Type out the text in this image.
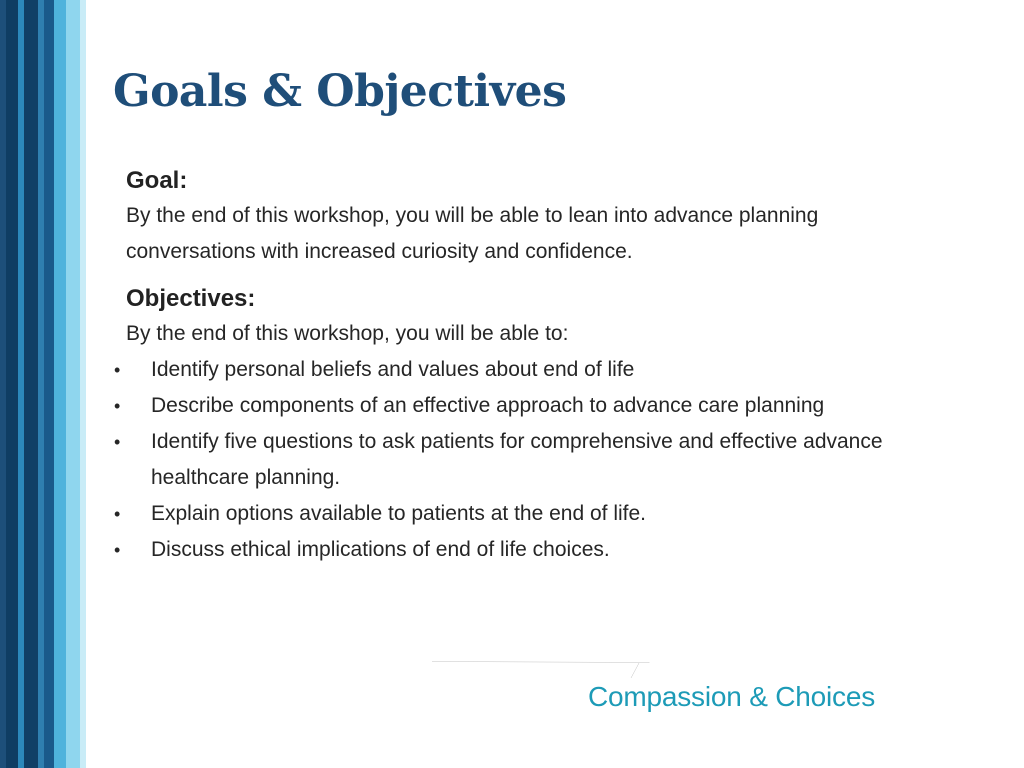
Goals & Objectives
Goal:
By the end of this workshop, you will be able to lean into advance planning
conversations with increased curiosity and confidence.
Objectives:
By the end of this workshop, you will be able to:
• Identify personal beliefs and values about end of life
• Describe components of an effective approach to advance care planning
• Identify five questions to ask patients for comprehensive and effective advance healthcare planning.
• Explain options available to patients at the end of life.
• Discuss ethical implications of end of life choices.
Compassion & Choices
